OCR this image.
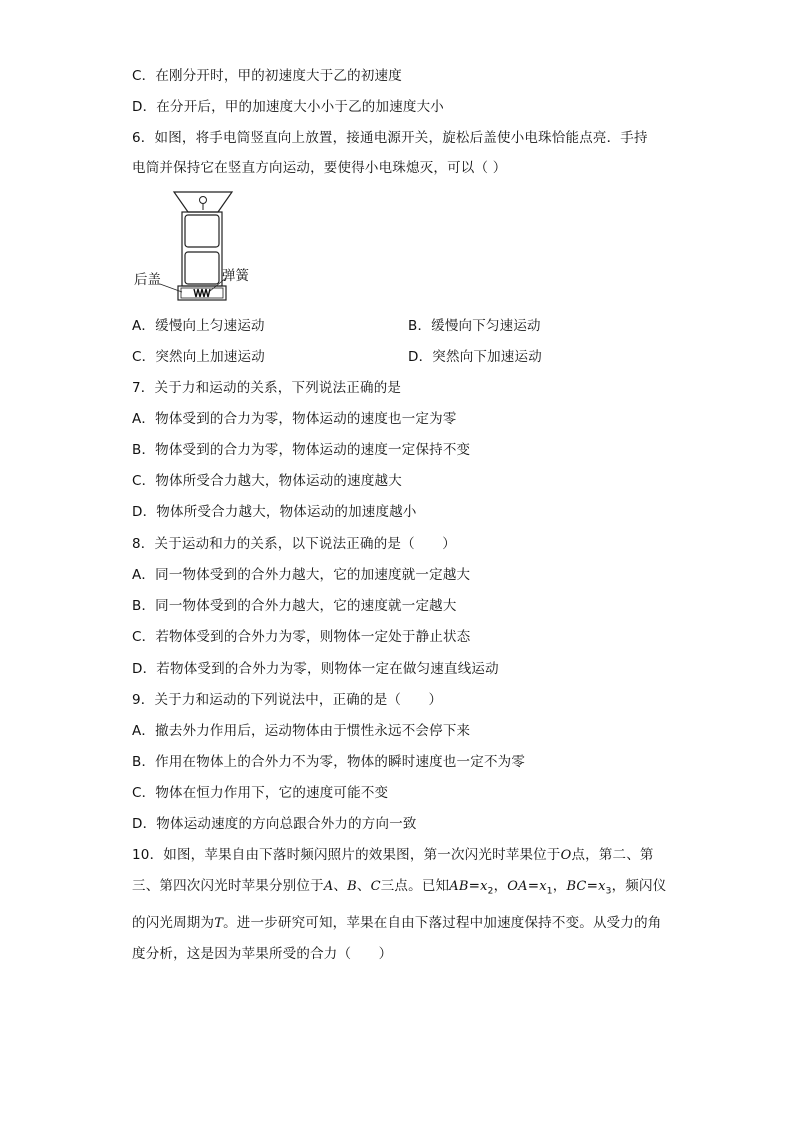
C．在刚分开时，甲的初速度大于乙的初速度
D．在分开后，甲的加速度大小小于乙的加速度大小
6．如图，将手电筒竖直向上放置，接通电源开关，旋松后盖使小电珠恰能点亮．手持
电筒并保持它在竖直方向运动，要使得小电珠熄灭，可以（ ）
后盖	弹簧
A．缓慢向上匀速运动	B．缓慢向下匀速运动
C．突然向上加速运动	D．突然向下加速运动
7．关于力和运动的关系，下列说法正确的是
A．物体受到的合力为零，物体运动的速度也一定为零
B．物体受到的合力为零，物体运动的速度一定保持不变
C．物体所受合力越大，物体运动的速度越大
D．物体所受合力越大，物体运动的加速度越小
8．关于运动和力的关系，以下说法正确的是（　　）
A．同一物体受到的合外力越大，它的加速度就一定越大
B．同一物体受到的合外力越大，它的速度就一定越大
C．若物体受到的合外力为零，则物体一定处于静止状态
D．若物体受到的合外力为零，则物体一定在做匀速直线运动
9．关于力和运动的下列说法中，正确的是（　　）
A．撤去外力作用后，运动物体由于惯性永远不会停下来
B．作用在物体上的合外力不为零，物体的瞬时速度也一定不为零
C．物体在恒力作用下，它的速度可能不变
D．物体运动速度的方向总跟合外力的方向一致
10．如图，苹果自由下落时频闪照片的效果图，第一次闪光时苹果位于O点，第二、第三、第四次闪光时苹果分别位于A、B、C三点。已知$AB=x_2$，$OA=x_1$，$BC=x_3$，频闪仪的闪光周期为T。进一步研究可知，苹果在自由下落过程中加速度保持不变。从受力的角度分析，这是因为苹果所受的合力（　　）
